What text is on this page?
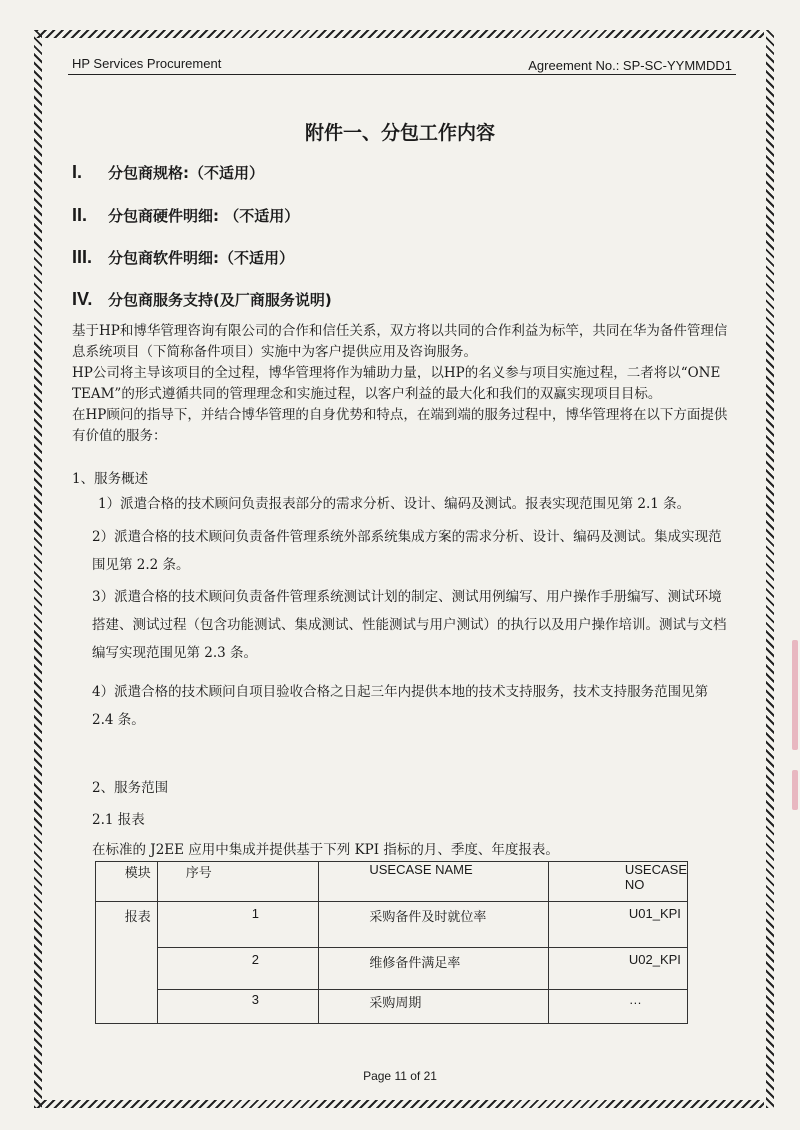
HP Services Procurement	Agreement No.: SP-SC-YYMMDD1
附件一、分包工作内容
I. 分包商规格:（不适用）
II. 分包商硬件明细: （不适用）
III. 分包商软件明细:（不适用）
IV. 分包商服务支持(及厂商服务说明)
基于HP和博华管理咨询有限公司的合作和信任关系，双方将以共同的合作利益为标竿，共同在华为备件管理信息系统项目（下简称备件项目）实施中为客户提供应用及咨询服务。
HP公司将主导该项目的全过程，博华管理将作为辅助力量，以HP的名义参与项目实施过程，二者将以“ONE TEAM”的形式遵循共同的管理理念和实施过程，以客户利益的最大化和我们的双赢实现项目目标。
在HP顾问的指导下，并结合博华管理的自身优势和特点，在端到端的服务过程中，博华管理将在以下方面提供有价值的服务：
1、服务概述
1）派遣合格的技术顾问负责报表部分的需求分析、设计、编码及测试。报表实现范围见第 2.1 条。
2）派遣合格的技术顾问负责备件管理系统外部系统集成方案的需求分析、设计、编码及测试。集成实现范围见第 2.2 条。
3）派遣合格的技术顾问负责备件管理系统测试计划的制定、测试用例编写、用户操作手册编写、测试环境搭建、测试过程（包含功能测试、集成测试、性能测试与用户测试）的执行以及用户操作培训。测试与文档编写实现范围见第 2.3 条。
4）派遣合格的技术顾问自项目验收合格之日起三年内提供本地的技术支持服务，技术支持服务范围见第 2.4 条。
2、服务范围
2.1 报表
在标准的 J2EE 应用中集成并提供基于下列 KPI 指标的月、季度、年度报表。
模块	序号	USECASE NAME	USECASE NO
报表	1	采购备件及时就位率	U01_KPI
	2	维修备件满足率	U02_KPI
	3	采购周期	…
Page 11 of 21
